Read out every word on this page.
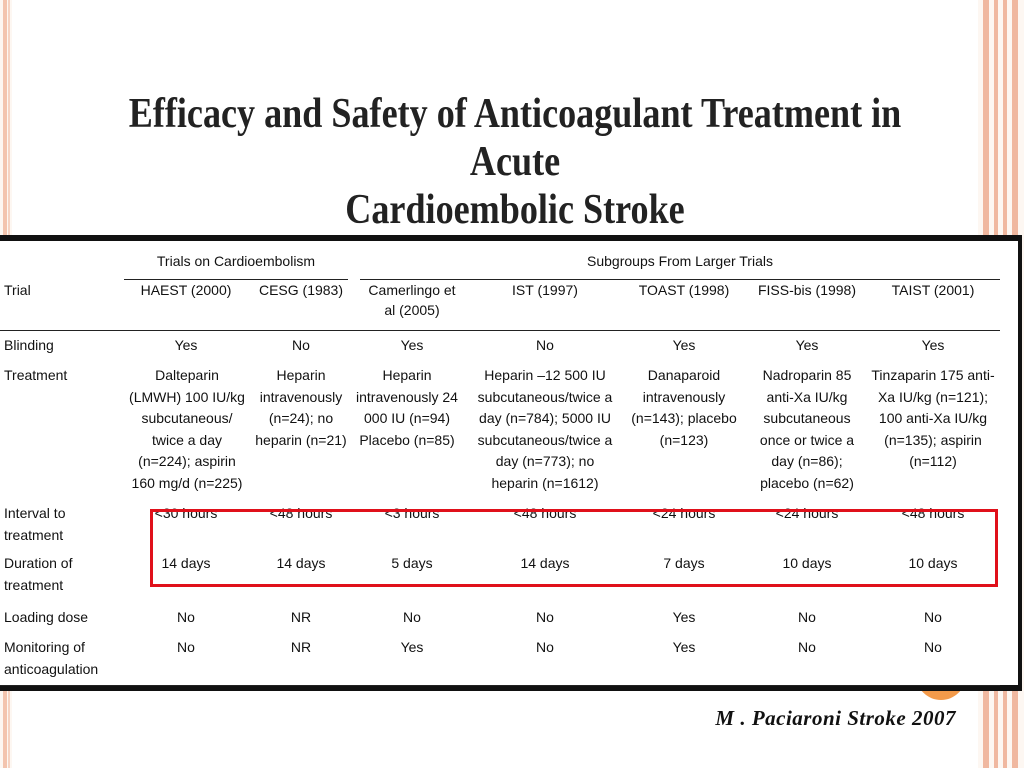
Efficacy and Safety of Anticoagulant Treatment in Acute
Cardioembolic Stroke
	Trials on Cardioembolism		Subgroups From Larger Trials				
Trial	HAEST (2000)	CESG (1983)	Camerlingo et al (2005)	IST (1997)	TOAST (1998)	FISS-bis (1998)	TAIST (2001)
Blinding	Yes	No	Yes	No	Yes	Yes	Yes
Treatment	Dalteparin (LMWH) 100 IU/kg subcutaneous/ twice a day (n=224); aspirin 160 mg/d (n=225)	Heparin intravenously (n=24); no heparin (n=21)	Heparin intravenously 24 000 IU (n=94) Placebo (n=85)	Heparin –12 500 IU subcutaneous/twice a day (n=784); 5000 IU subcutaneous/twice a day (n=773); no heparin (n=1612)	Danaparoid intravenously (n=143); placebo (n=123)	Nadroparin 85 anti-Xa IU/kg subcutaneous once or twice a day (n=86); placebo (n=62)	Tinzaparin 175 anti-Xa IU/kg (n=121); 100 anti-Xa IU/kg (n=135); aspirin (n=112)
Interval to treatment	<30 hours	<48 hours	<3 hours	<48 hours	<24 hours	<24 hours	<48 hours
Duration of treatment	14 days	14 days	5 days	14 days	7 days	10 days	10 days
Loading dose	No	NR	No	No	Yes	No	No
Monitoring of anticoagulation	No	NR	Yes	No	Yes	No	No
M . Paciaroni Stroke 2007
